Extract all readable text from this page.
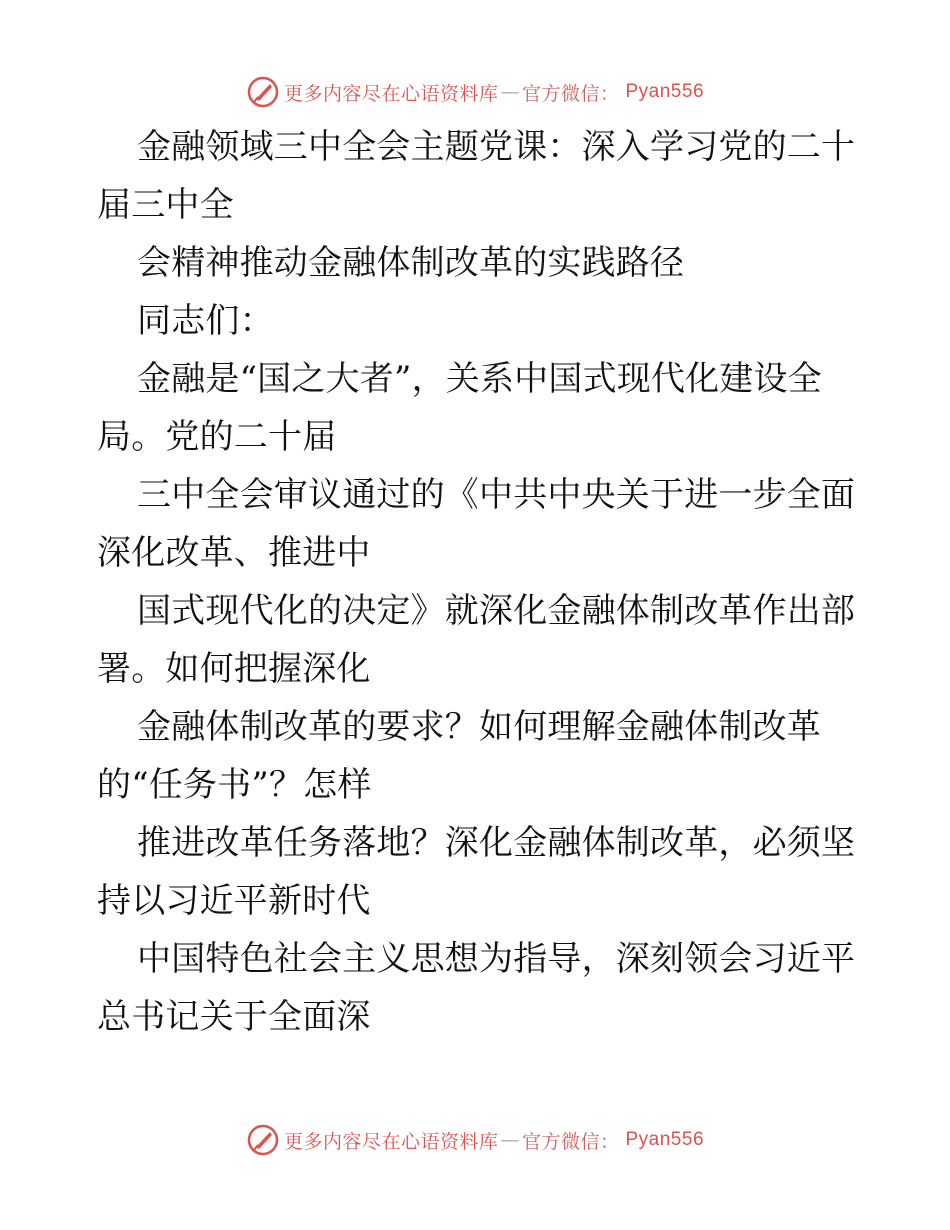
更多内容尽在心语资料库 — 官方微信： Pyan556
金融领域三中全会主题党课：深入学习党的二十
届三中全
会精神推动金融体制改革的实践路径
同志们：
金融是“国之大者”，关系中国式现代化建设全
局。党的二十届
三中全会审议通过的《中共中央关于进一步全面
深化改革、推进中
国式现代化的决定》就深化金融体制改革作出部
署。如何把握深化
金融体制改革的要求？如何理解金融体制改革
的“任务书”？怎样
推进改革任务落地？深化金融体制改革，必须坚
持以习近平新时代
中国特色社会主义思想为指导，深刻领会习近平
总书记关于全面深
更多内容尽在心语资料库 — 官方微信： Pyan556
